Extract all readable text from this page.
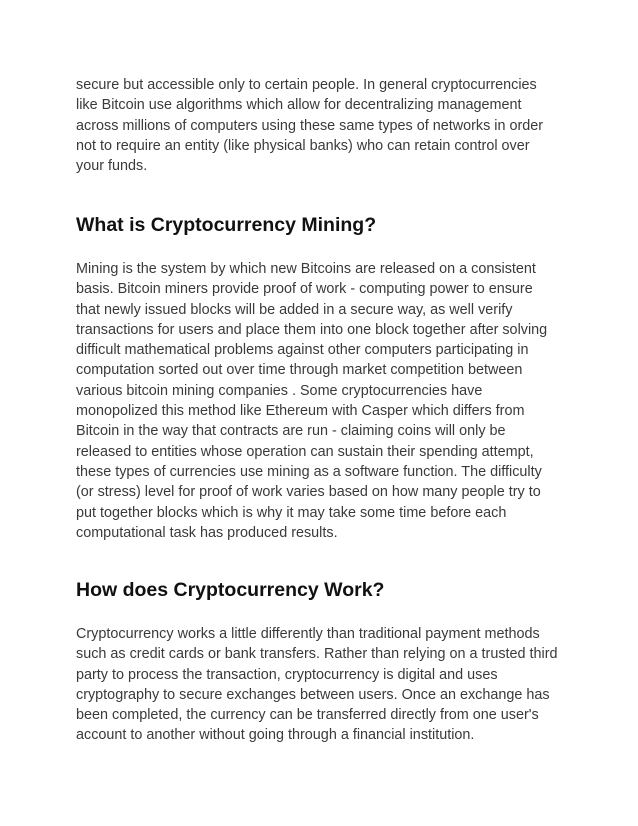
secure but accessible only to certain people. In general cryptocurrencies
like Bitcoin use algorithms which allow for decentralizing management
across millions of computers using these same types of networks in order
not to require an entity (like physical banks) who can retain control over
your funds.

What is Cryptocurrency Mining?

Mining is the system by which new Bitcoins are released on a consistent
basis. Bitcoin miners provide proof of work - computing power to ensure
that newly issued blocks will be added in a secure way, as well verify
transactions for users and place them into one block together after solving
difficult mathematical problems against other computers participating in
computation sorted out over time through market competition between
various bitcoin mining companies . Some cryptocurrencies have
monopolized this method like Ethereum with Casper which differs from
Bitcoin in the way that contracts are run - claiming coins will only be
released to entities whose operation can sustain their spending attempt,
these types of currencies use mining as a software function. The difficulty
(or stress) level for proof of work varies based on how many people try to
put together blocks which is why it may take some time before each
computational task has produced results.

How does Cryptocurrency Work?

Cryptocurrency works a little differently than traditional payment methods
such as credit cards or bank transfers. Rather than relying on a trusted third
party to process the transaction, cryptocurrency is digital and uses
cryptography to secure exchanges between users. Once an exchange has
been completed, the currency can be transferred directly from one user's
account to another without going through a financial institution.
